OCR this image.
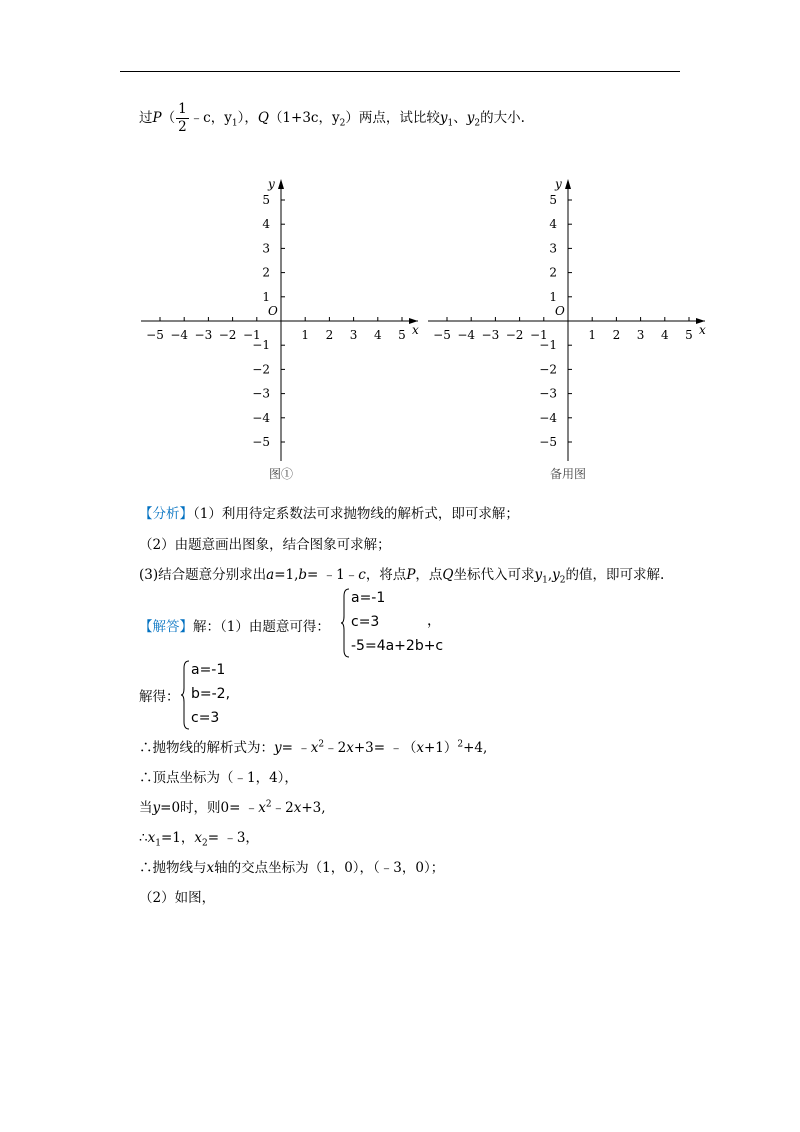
过$P( \frac{1}{2}$ ﹣c，$y_1$），Q（1+3c，$y_2$）两点，试比较$y_1$、$y_2$的大小.
−5 −4 −3 −2 −1	1 2 3 4 5
5
4
3
2
1
−1
−2
−3
−4
−5
O
x
y
图①
−5 −4 −3 −2 −1	1 2 3 4 5
5
4
3
2
1
−1
−2
−3
−4
−5
O
x
y
备用图
【分析】（1）利用待定系数法可求抛物线的解析式，即可求解；
（2）由题意画出图象，结合图象可求解；
(3)结合题意分别求出a=1,b= ﹣1﹣c，将点P，点Q坐标代入可求$y_1,y_2$的值，即可求解.
【解答】解：（1）由题意可得：
a=-1
c=3
-5=4a+2b+c
，
解得：
a=-1
b=-2,
c=3
∴抛物线的解析式为：$y= ﹣x^2﹣2x+3=$ $﹣(x+1)^2+4$,
∴顶点坐标为（﹣1，4），
当y=0时，则$0= ﹣x^2﹣2x+3$,
$\therefore x_1=1$，$x_2=$ ﹣3，
∴抛物线与x轴的交点坐标为（1，0），（﹣3，0）；
（2）如图，
